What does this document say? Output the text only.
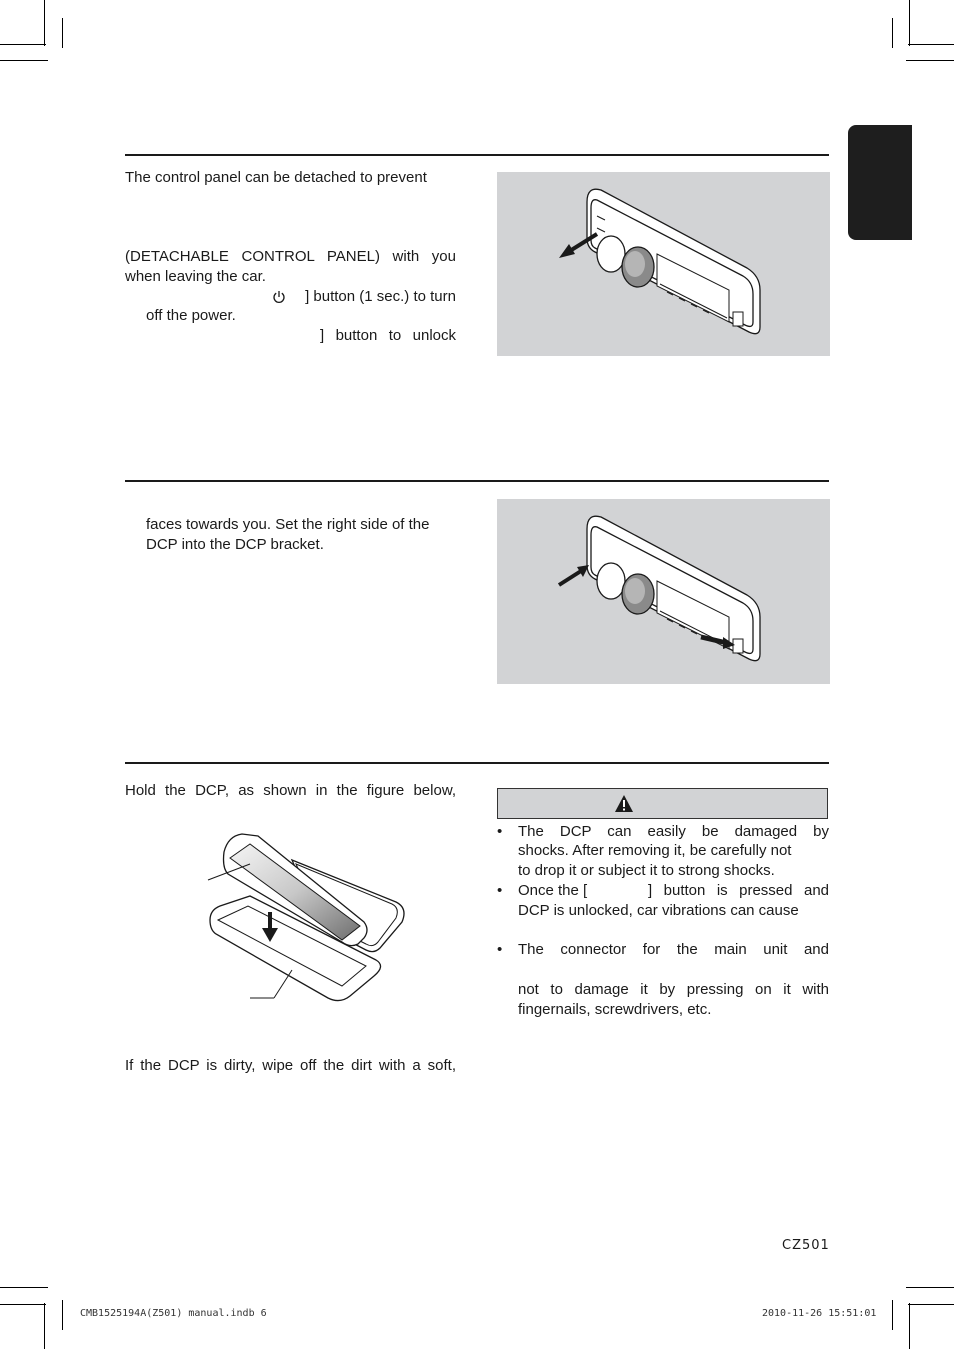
The control panel can be detached to prevent
(DETACHABLE CONTROL PANEL) with you
when leaving the car.
] button (1 sec.) to turn
off the power.
] button to unlock
faces towards you. Set the right side of the
DCP into the DCP bracket.
Hold the DCP, as shown in the figure below,
If the DCP is dirty, wipe off the dirt with a soft,
• The DCP can easily be damaged by
shocks. After removing it, be carefully not
to drop it or subject it to strong shocks.
• Once the [	] button is pressed and
DCP is unlocked, car vibrations can cause
• The connector for the main unit and
not to damage it by pressing on it with
fingernails, screwdrivers, etc.
CZ501
CMB1525194A(Z501) manual.indb 6	2010-11-26 15:51:01
